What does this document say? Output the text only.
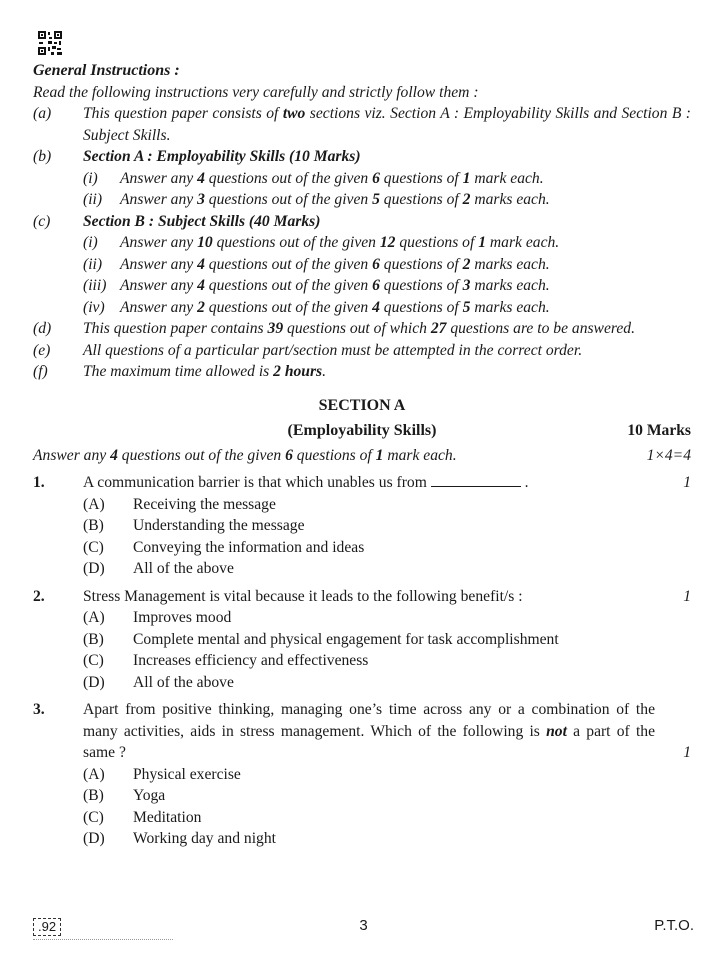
General Instructions :
Read the following instructions very carefully and strictly follow them :
(a)	This question paper consists of two sections viz. Section A : Employability Skills and Section B : Subject Skills.
(b)	Section A : Employability Skills (10 Marks)
(i)	Answer any 4 questions out of the given 6 questions of 1 mark each.
(ii)	Answer any 3 questions out of the given 5 questions of 2 marks each.
(c)	Section B : Subject Skills (40 Marks)
(i)	Answer any 10 questions out of the given 12 questions of 1 mark each.
(ii)	Answer any 4 questions out of the given 6 questions of 2 marks each.
(iii) Answer any 4 questions out of the given 6 questions of 3 marks each.
(iv) Answer any 2 questions out of the given 4 questions of 5 marks each.
(d)	This question paper contains 39 questions out of which 27 questions are to be answered.
(e)	All questions of a particular part/section must be attempted in the correct order.
(f)	The maximum time allowed is 2 hours.
SECTION A
(Employability Skills)	10 Marks
Answer any 4 questions out of the given 6 questions of 1 mark each.	1×4=4
1.	A communication barrier is that which unables us from	.	1
(A)	Receiving the message
(B)	Understanding the message
(C)	Conveying the information and ideas
(D)	All of the above
2.	Stress Management is vital because it leads to the following benefit/s :	1
(A)	Improves mood
(B)	Complete mental and physical engagement for task accomplishment
(C)	Increases efficiency and effectiveness
(D)	All of the above
3.	Apart from positive thinking, managing one’s time across any or a combination of the many activities, aids in stress management. Which of the following is not a part of the same ?	1
(A)	Physical exercise
(B)	Yoga
(C)	Meditation
(D)	Working day and night
.92	3	P.T.O.
